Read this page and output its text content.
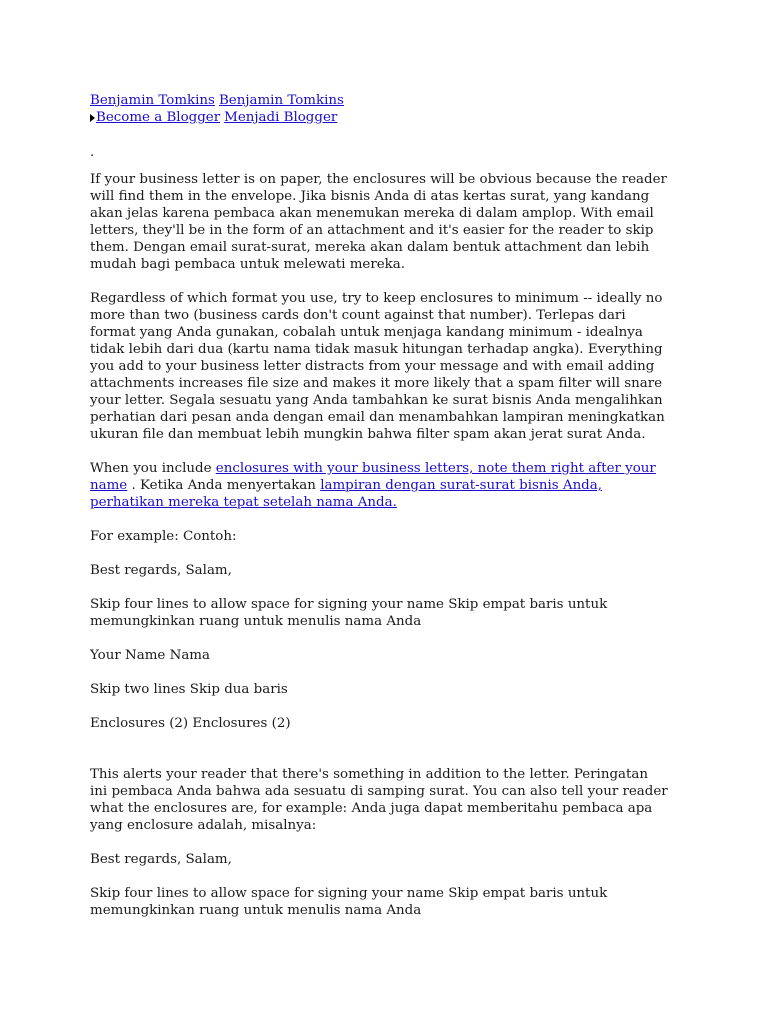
Benjamin Tomkins Benjamin Tomkins
Become a Blogger Menjadi Blogger
.

If your business letter is on paper, the enclosures will be obvious because the reader will find them in the envelope. Jika bisnis Anda di atas kertas surat, yang kandang akan jelas karena pembaca akan menemukan mereka di dalam amplop. With email letters, they'll be in the form of an attachment and it's easier for the reader to skip them. Dengan email surat-surat, mereka akan dalam bentuk attachment dan lebih mudah bagi pembaca untuk melewati mereka.

Regardless of which format you use, try to keep enclosures to minimum -- ideally no more than two (business cards don't count against that number). Terlepas dari format yang Anda gunakan, cobalah untuk menjaga kandang minimum - idealnya tidak lebih dari dua (kartu nama tidak masuk hitungan terhadap angka). Everything you add to your business letter distracts from your message and with email adding attachments increases file size and makes it more likely that a spam filter will snare your letter. Segala sesuatu yang Anda tambahkan ke surat bisnis Anda mengalihkan perhatian dari pesan anda dengan email dan menambahkan lampiran meningkatkan ukuran file dan membuat lebih mungkin bahwa filter spam akan jerat surat Anda.

When you include enclosures with your business letters, note them right after your name . Ketika Anda menyertakan lampiran dengan surat-surat bisnis Anda, perhatikan mereka tepat setelah nama Anda.

For example: Contoh:

Best regards, Salam,

Skip four lines to allow space for signing your name Skip empat baris untuk memungkinkan ruang untuk menulis nama Anda

Your Name Nama

Skip two lines Skip dua baris

Enclosures (2) Enclosures (2)

This alerts your reader that there's something in addition to the letter. Peringatan ini pembaca Anda bahwa ada sesuatu di samping surat. You can also tell your reader what the enclosures are, for example: Anda juga dapat memberitahu pembaca apa yang enclosure adalah, misalnya:

Best regards, Salam,

Skip four lines to allow space for signing your name Skip empat baris untuk memungkinkan ruang untuk menulis nama Anda
